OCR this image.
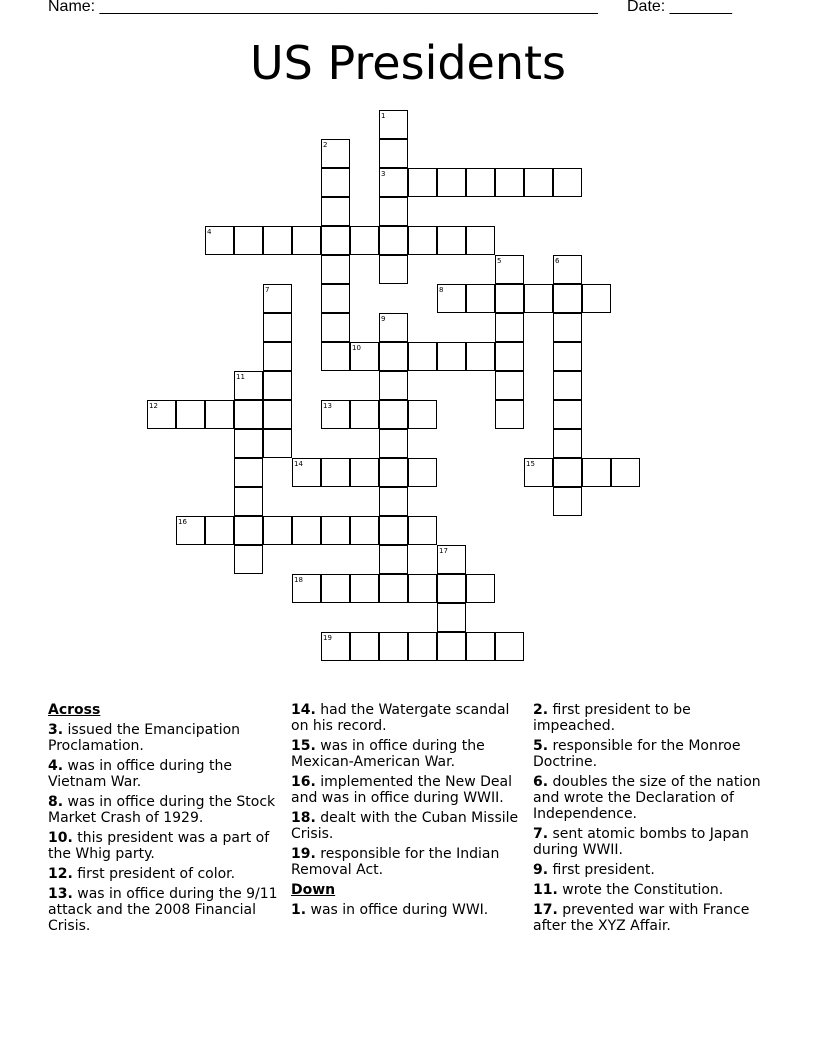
Name: ________________________________________________________ Date: _______
US Presidents
1
2
3
4
5	6
7	8
9
10
11
12	13
14	15
16
17
18
19
Across
3. issued the Emancipation Proclamation.
4. was in office during the Vietnam War.
8. was in office during the Stock Market Crash of 1929.
10. this president was a part of the Whig party.
12. first president of color.
13. was in office during the 9/11 attack and the 2008 Financial Crisis.
14. had the Watergate scandal on his record.
15. was in office during the Mexican-American War.
16. implemented the New Deal and was in office during WWII.
18. dealt with the Cuban Missile Crisis.
19. responsible for the Indian Removal Act.
Down
1. was in office during WWI.
2. first president to be impeached.
5. responsible for the Monroe Doctrine.
6. doubles the size of the nation and wrote the Declaration of Independence.
7. sent atomic bombs to Japan during WWII.
9. first president.
11. wrote the Constitution.
17. prevented war with France after the XYZ Affair.
